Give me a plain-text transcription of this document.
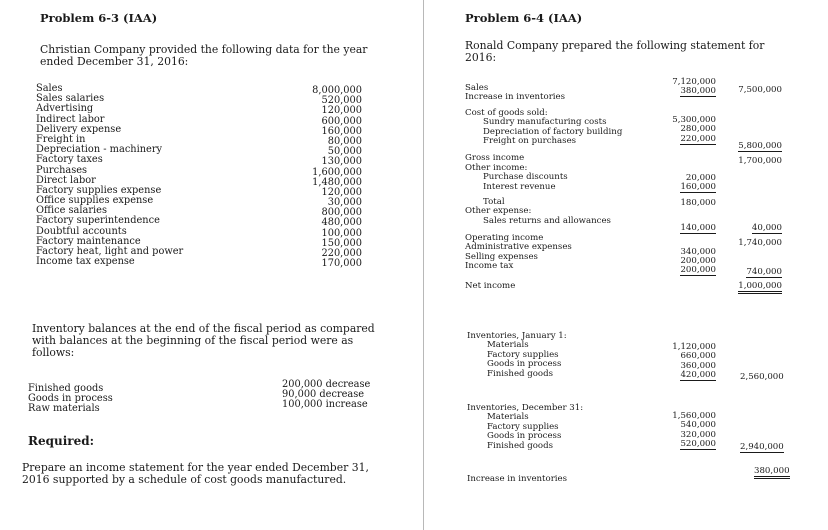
Problem 6-3 (IAA)
Christian Company provided the following data for the year ended December 31, 2016:
Sales
Sales salaries
Advertising
Indirect labor
Delivery expense
Freight in
Depreciation - machinery
Factory taxes
Purchases
Direct labor
Factory supplies expense
Office supplies expense
Office salaries
Factory superintendence
Doubtful accounts
Factory maintenance
Factory heat, light and power
Income tax expense
8,000,000
520,000
120,000
600,000
160,000
80,000
50,000
130,000
1,600,000
1,480,000
120,000
30,000
800,000
480,000
100,000
150,000
220,000
170,000
Inventory balances at the end of the fiscal period as compared with balances at the beginning of the fiscal period were as follows:
Finished goods
Goods in process
Raw materials
200,000 decrease
90,000 decrease
100,000 increase
Required:
Prepare an income statement for the year ended December 31, 2016 supported by a schedule of cost goods manufactured.
Problem 6-4 (IAA)
Ronald Company prepared the following statement for 2016:
Sales
Increase in inventories
Cost of goods sold:
Sundry manufacturing costs
Depreciation of factory building
Freight on purchases
Gross income
Other income:
Purchase discounts
Interest revenue
Total
Other expense:
Sales returns and allowances
Operating income
Administrative expenses
Selling expenses
Income tax
Net income
7,120,000
380,000
5,300,000
280,000
220,000
20,000
160,000
180,000
140,000
340,000
200,000
200,000
7,500,000
5,800,000
1,700,000
40,000
1,740,000
740,000
1,000,000
Inventories, January 1:
Materials
Factory supplies
Goods in process
Finished goods
1,120,000
660,000
360,000
420,000	2,560,000
Inventories, December 31:
Materials
Factory supplies
Goods in process
Finished goods
1,560,000
540,000
320,000
520,000	2,940,000
Increase in inventories
380,000
